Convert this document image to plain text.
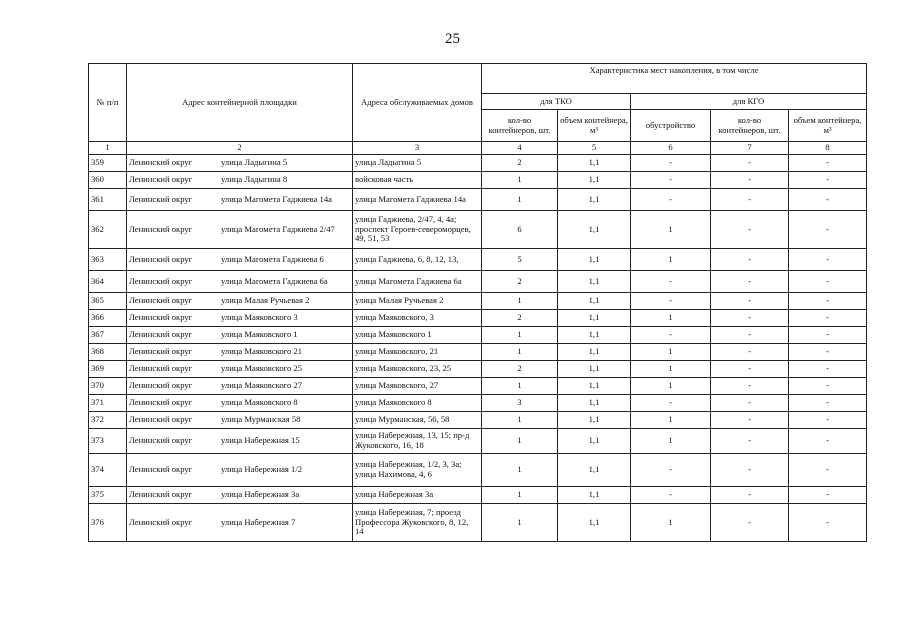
25
№ п/п	Адрес контейнерной площадки	Адреса обслуживаемых домов	Характеристика мест накопления, в том числе				
			для ТКО		для КГО		
			кол-во контейнеров, шт.	объем контейнера, м³	обустройство	кол-во контейнеров, шт.	объем контейнера, м³
1	2	3	4	5	6	7	8
359	Ленинский округ улица Ладыгина 5	улица Ладыгина 5	2	1,1	-	-	-
360	Ленинский округ улица Ладыгина 8	войсковая часть	1	1,1	-	-	-
361	Ленинский округ улица Магомета Гаджиева 14а	улица Магомета Гаджиева 14а	1	1,1	-	-	-
362	Ленинский округ улица Магомета Гаджиева 2/47	улица Гаджиева, 2/47, 4, 4а; проспект Героев-североморцев, 49, 51, 53	6	1,1	1	-	-
363	Ленинский округ улица Магомета Гаджиева 6	улица Гаджиева, 6, 8, 12, 13,	5	1,1	1	-	-
364	Ленинский округ улица Магомета Гаджиева 6а	улица Магомета Гаджиева 6а	2	1,1	-	-	-
365	Ленинский округ улица Малая Ручьевая 2	улица Малая Ручьевая 2	1	1,1	-	-	-
366	Ленинский округ улица Маяковского 3	улица Маяковского, 3	2	1,1	1	-	-
367	Ленинский округ улица Маяковского 1	улица Маяковского 1	1	1,1	-	-	-
368	Ленинский округ улица Маяковского 21	улица Маяковского, 21	1	1,1	1	-	-
369	Ленинский округ улица Маяковского 25	улица Маяковского, 23, 25	2	1,1	1	-	-
370	Ленинский округ улица Маяковского 27	улица Маяковского, 27	1	1,1	1	-	-
371	Ленинский округ улица Маяковского 8	улица Маяковского 8	3	1,1	-	-	-
372	Ленинский округ улица Мурманская 58	улица Мурманская, 56, 58	1	1,1	1	-	-
373	Ленинский округ улица Набережная 15	улица Набережная, 13, 15; пр-д Жуковского, 16, 18	1	1,1	1	-	-
374	Ленинский округ улица Набережная 1/2	улица Набережная, 1/2, 3, 3а; улица Нахимова, 4, 6	1	1,1	-	-	-
375	Ленинский округ улица Набережная 3а	улица Набережная 3а	1	1,1	-	-	-
376	Ленинский округ улица Набережная 7	улица Набережная, 7; проезд Профессора Жуковского, 8, 12, 14	1	1,1	1	-	-
